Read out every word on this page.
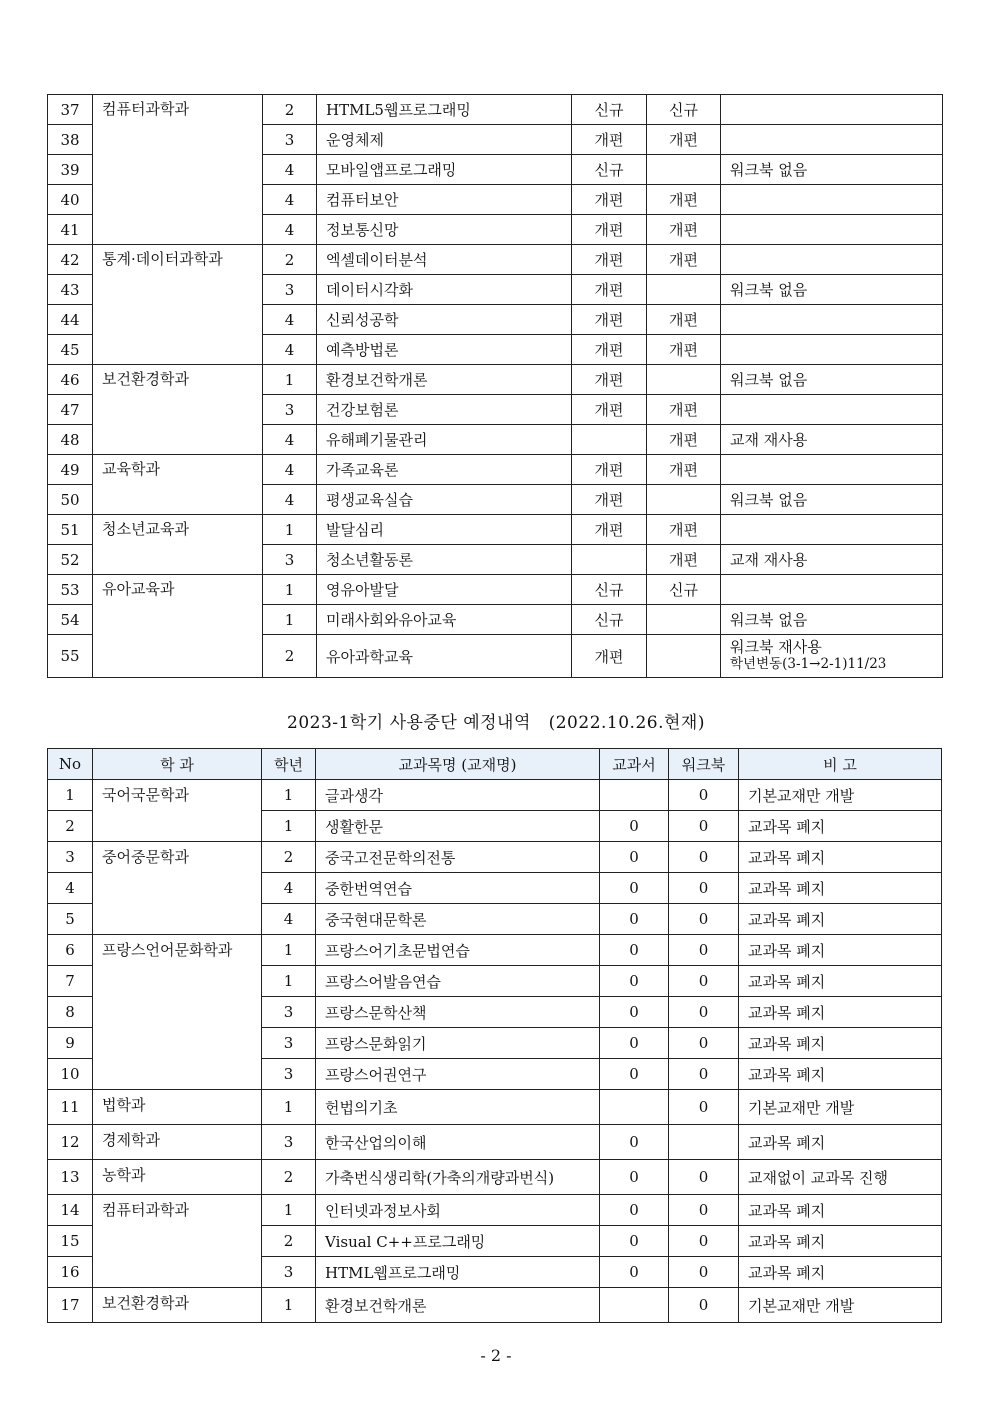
37	컴퓨터과학과	2	HTML5웹프로그래밍	신규	신규	
38		3	운영체제	개편	개편	
39		4	모바일앱프로그래밍	신규		워크북 없음
40		4	컴퓨터보안	개편	개편	
41		4	정보통신망	개편	개편	
42	통계·데이터과학과	2	엑셀데이터분석	개편	개편	
43		3	데이터시각화	개편		워크북 없음
44		4	신뢰성공학	개편	개편	
45		4	예측방법론	개편	개편	
46	보건환경학과	1	환경보건학개론	개편		워크북 없음
47		3	건강보험론	개편	개편	
48		4	유해폐기물관리		개편	교재 재사용
49	교육학과	4	가족교육론	개편	개편	
50		4	평생교육실습	개편		워크북 없음
51	청소년교육과	1	발달심리	개편	개편	
52		3	청소년활동론		개편	교재 재사용
53	유아교육과	1	영유아발달	신규	신규	
54		1	미래사회와유아교육	신규		워크북 없음
55		2	유아과학교육	개편		워크북 재사용
학년변동(3-1→2-1)11/23
2023-1학기 사용중단 예정내역 (2022.10.26.현재)
No	학 과	학년	교과목명 (교재명)	교과서	워크북	비 고
1	국어국문학과	1	글과생각		0	기본교재만 개발
2		1	생활한문	0	0	교과목 폐지
3	중어중문학과	2	중국고전문학의전통	0	0	교과목 폐지
4		4	중한번역연습	0	0	교과목 폐지
5		4	중국현대문학론	0	0	교과목 폐지
6	프랑스언어문화학과	1	프랑스어기초문법연습	0	0	교과목 폐지
7		1	프랑스어발음연습	0	0	교과목 폐지
8		3	프랑스문학산책	0	0	교과목 폐지
9		3	프랑스문화읽기	0	0	교과목 폐지
10		3	프랑스어권연구	0	0	교과목 폐지
11	법학과	1	헌법의기초		0	기본교재만 개발
12	경제학과	3	한국산업의이해	0		교과목 폐지
13	농학과	2	가축번식생리학(가축의개량과번식)	0	0	교재없이 교과목 진행
14	컴퓨터과학과	1	인터넷과정보사회	0	0	교과목 폐지
15		2	Visual C++프로그래밍	0	0	교과목 폐지
16		3	HTML웹프로그래밍	0	0	교과목 폐지
17	보건환경학과	1	환경보건학개론		0	기본교재만 개발
- 2 -
